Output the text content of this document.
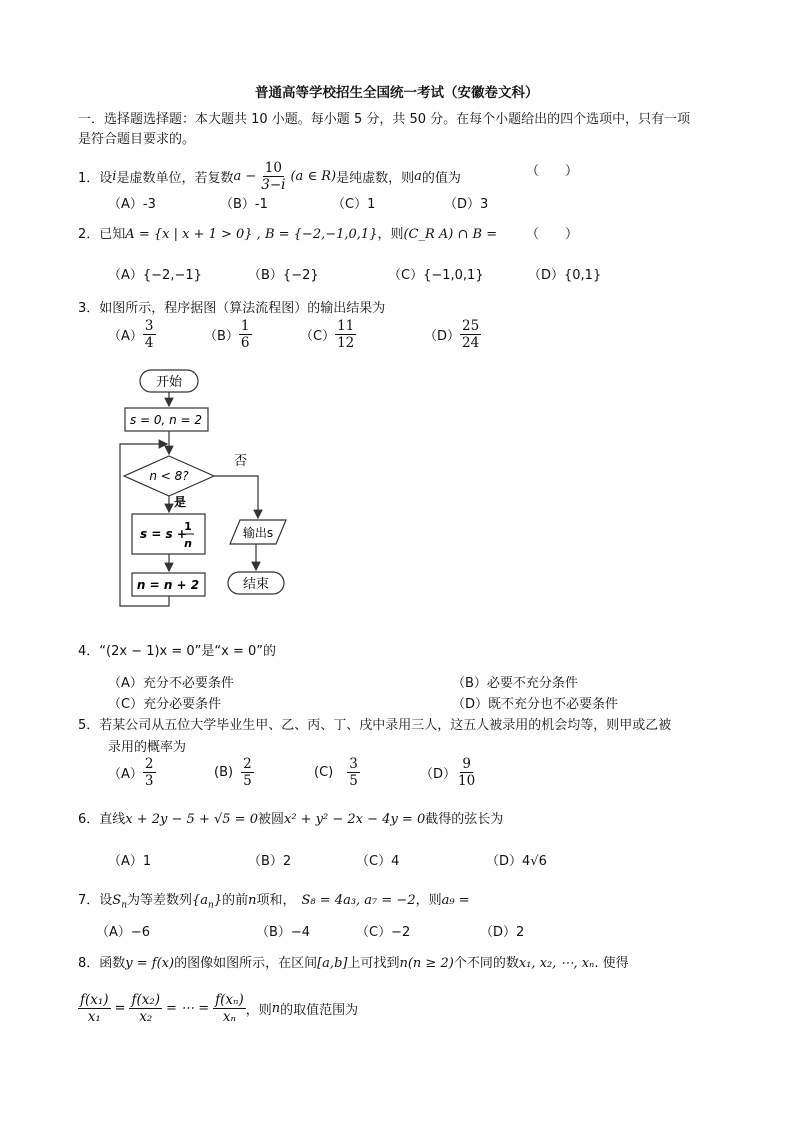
普通高等学校招生全国统一考试（安徽卷文科）
一．选择题选择题：本大题共 10 小题。每小题 5 分，共 50 分。在每个小题给出的四个选项中，只有一项
是符合题目要求的。
1． 设 i 是虚数单位，若复数 $a - \frac{10}{3-i} (a$ ∈ R) 是纯虚数，则 a 的值为	（　　）
（A）-3	（B）-1	（C）1	（D）3
2．已知A = {x | x + 1 > 0} , B = {−2,−1,0,1}，则(C_R A) ∩ B = （　　）
（A）{−2,−1}	（B）{−2}	（C）{−1,0,1}	（D）{0,1}
3．如图所示，程序据图（算法流程图）的输出结果为
$(A) \frac{3}{4}$	$(B) \frac{1}{6}$	$(C) \frac{11}{12}$	$(D) \frac{25}{24}$
开始
s = 0, n = 2
n < 8?
否
是
s = s +
1
n
n = n + 2
输出s
结束
4．“(2x − 1)x = 0”是“x = 0”的
（A）充分不必要条件	（B）必要不充分条件
（C）充分必要条件	（D）既不充分也不必要条件
5．若某公司从五位大学毕业生甲、乙、丙、丁、戌中录用三人，这五人被录用的机会均等，则甲或乙被
录用的概率为
$(A) \frac{2}{3}$	$(B) \frac{2}{5}$	$(C) \frac{3}{5}$	$(D) \frac{9}{10}$
6．直线x + 2y − 5 + √5 = 0被圆x² + y² − 2x − 4y = 0截得的弦长为
（A）1	（B）2	（C）4	（D）4√6
7．设$S_n$为等差数列$\{a_n\}$的前n项和， S₈ = 4a₃, a₇ = −2，则a₉ =
（A）−6	（B）−4	（C）−2	（D）2
8．函数y = f(x)的图像如图所示，在区间[a,b]上可找到n(n ≥ 2)个不同的数x₁, x₂, ⋯, xₙ. 使得
$\frac{\text{f(x₁)}}{\text{x₁}} = \frac{\text{f(x₂)}}{\text{x₂}}$ = ⋯ = $\frac{\text{f(xₙ)}}{\text{xₙ}}$ ，则 n 的取值范围为
